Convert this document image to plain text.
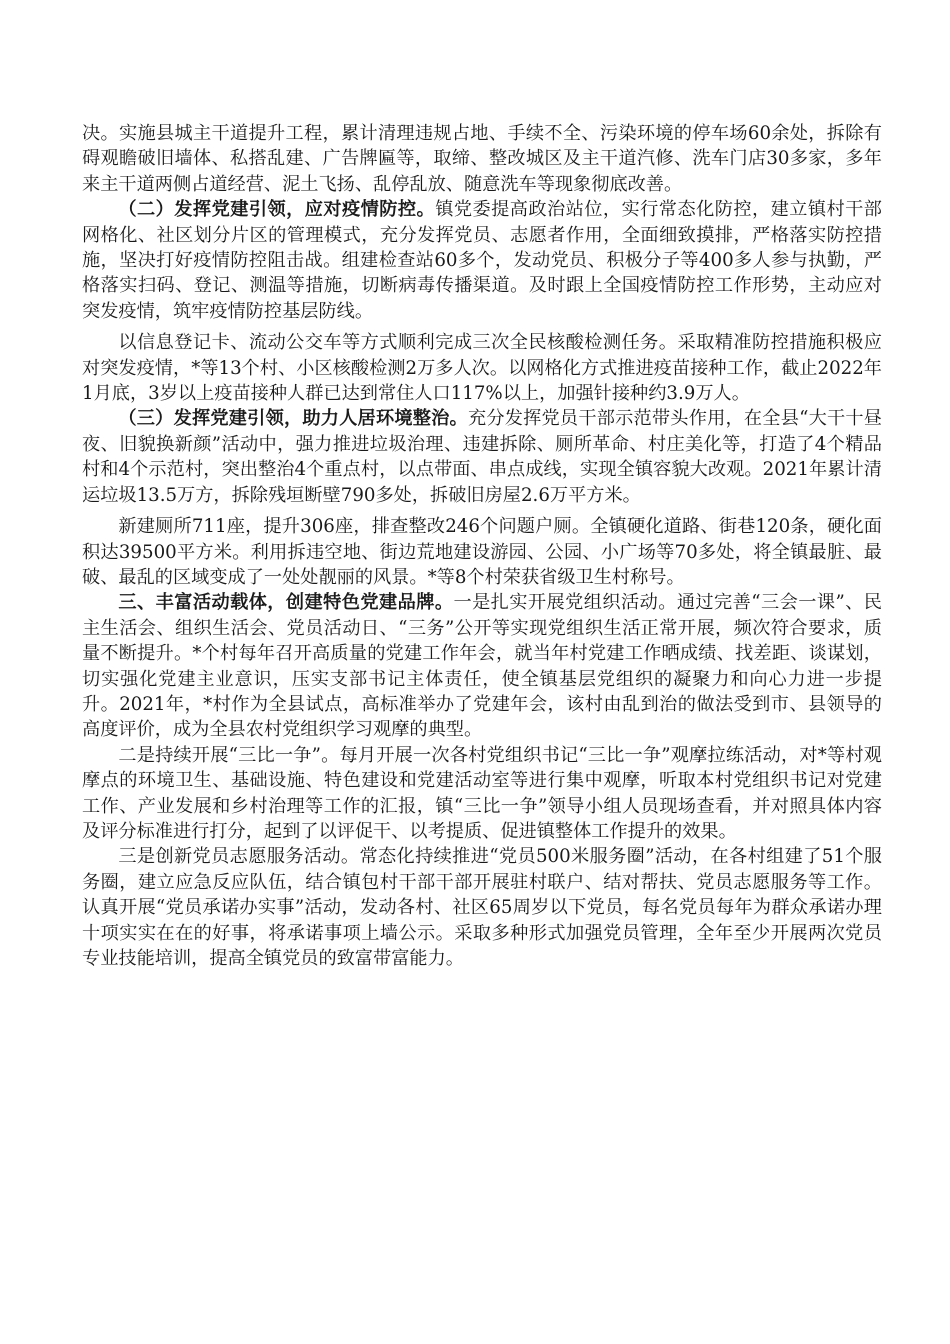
决。实施县城主干道提升工程，累计清理违规占地、手续不全、污染环境的停车场60余处，拆除有碍观瞻破旧墙体、私搭乱建、广告牌匾等，取缔、整改城区及主干道汽修、洗车门店30多家，多年来主干道两侧占道经营、泥土飞扬、乱停乱放、随意洗车等现象彻底改善。

（二）发挥党建引领，应对疫情防控。镇党委提高政治站位，实行常态化防控，建立镇村干部网格化、社区划分片区的管理模式，充分发挥党员、志愿者作用，全面细致摸排，严格落实防控措施，坚决打好疫情防控阻击战。组建检查站60多个，发动党员、积极分子等400多人参与执勤，严格落实扫码、登记、测温等措施，切断病毒传播渠道。及时跟上全国疫情防控工作形势，主动应对突发疫情，筑牢疫情防控基层防线。

以信息登记卡、流动公交车等方式顺利完成三次全民核酸检测任务。采取精准防控措施积极应对突发疫情，*等13个村、小区核酸检测2万多人次。以网格化方式推进疫苗接种工作，截止2022年1月底，3岁以上疫苗接种人群已达到常住人口117%以上，加强针接种约3.9万人。

（三）发挥党建引领，助力人居环境整治。充分发挥党员干部示范带头作用，在全县“大干十昼夜、旧貌换新颜”活动中，强力推进垃圾治理、违建拆除、厕所革命、村庄美化等，打造了4个精品村和4个示范村，突出整治4个重点村，以点带面、串点成线，实现全镇容貌大改观。2021年累计清运垃圾13.5万方，拆除残垣断壁790多处，拆破旧房屋2.6万平方米。

新建厕所711座，提升306座，排查整改246个问题户厕。全镇硬化道路、街巷120条，硬化面积达39500平方米。利用拆违空地、街边荒地建设游园、公园、小广场等70多处，将全镇最脏、最破、最乱的区域变成了一处处靓丽的风景。*等8个村荣获省级卫生村称号。

三、丰富活动载体，创建特色党建品牌。一是扎实开展党组织活动。通过完善“三会一课”、民主生活会、组织生活会、党员活动日、“三务”公开等实现党组织生活正常开展，频次符合要求，质量不断提升。*个村每年召开高质量的党建工作年会，就当年村党建工作晒成绩、找差距、谈谋划，切实强化党建主业意识，压实支部书记主体责任，使全镇基层党组织的凝聚力和向心力进一步提升。2021年，*村作为全县试点，高标准举办了党建年会，该村由乱到治的做法受到市、县领导的高度评价，成为全县农村党组织学习观摩的典型。

二是持续开展“三比一争”。每月开展一次各村党组织书记“三比一争”观摩拉练活动，对*等村观摩点的环境卫生、基础设施、特色建设和党建活动室等进行集中观摩，听取本村党组织书记对党建工作、产业发展和乡村治理等工作的汇报，镇“三比一争”领导小组人员现场查看，并对照具体内容及评分标准进行打分，起到了以评促干、以考提质、促进镇整体工作提升的效果。

三是创新党员志愿服务活动。常态化持续推进“党员500米服务圈”活动，在各村组建了51个服务圈，建立应急反应队伍，结合镇包村干部干部开展驻村联户、结对帮扶、党员志愿服务等工作。认真开展“党员承诺办实事”活动，发动各村、社区65周岁以下党员，每名党员每年为群众承诺办理十项实实在在的好事，将承诺事项上墙公示。采取多种形式加强党员管理，全年至少开展两次党员专业技能培训，提高全镇党员的致富带富能力。
